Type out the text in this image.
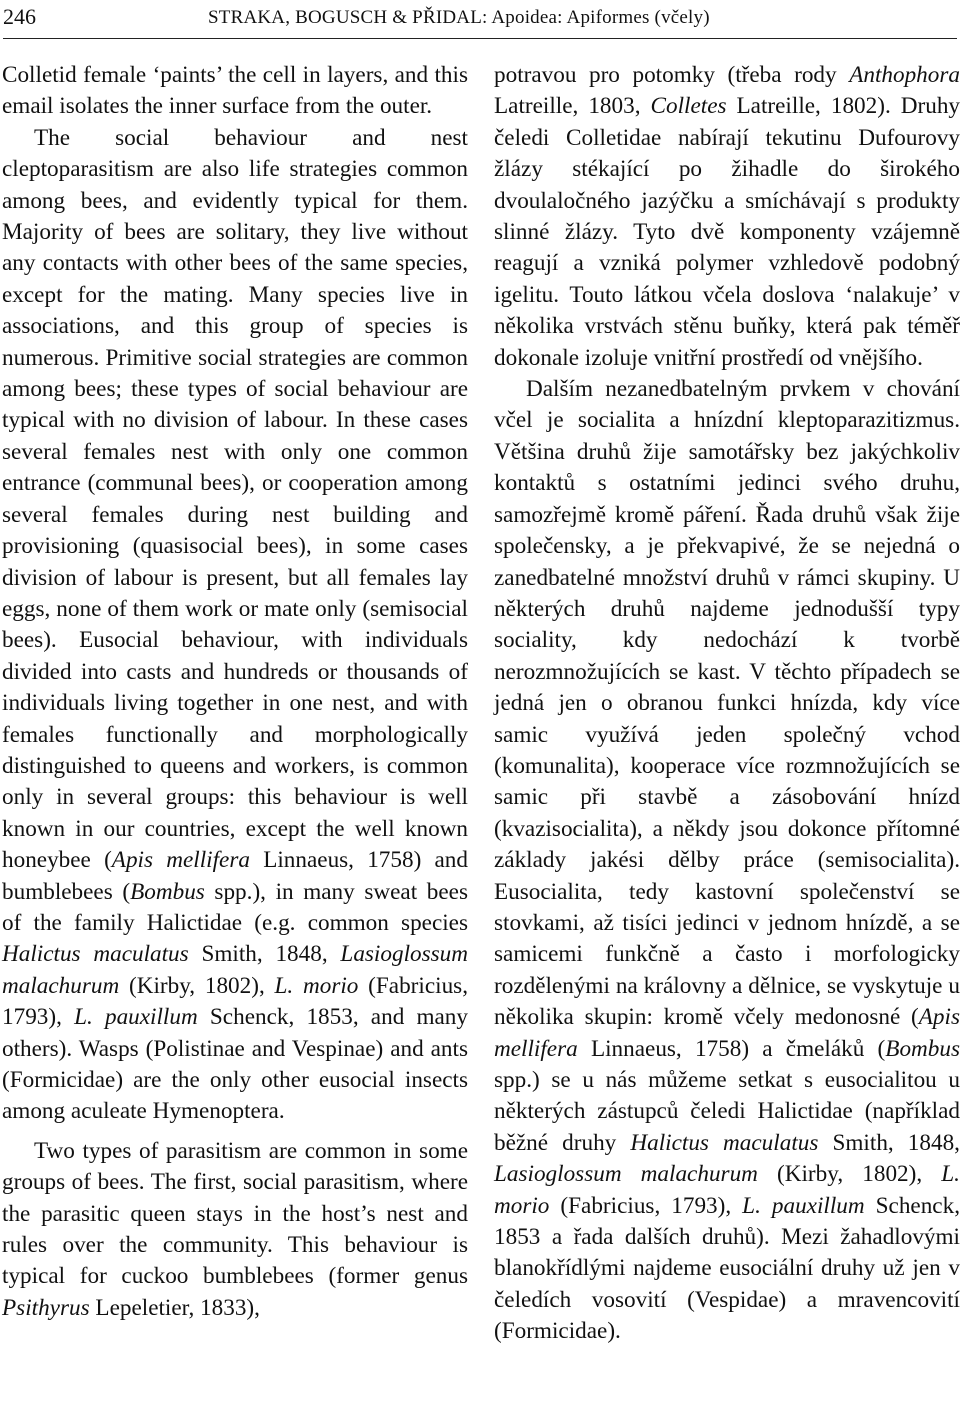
246	STRAKA, BOGUSCH & PŘIDAL: Apoidea: Apiformes (včely)

Colletid female ‘paints’ the cell in layers, and this email isolates the inner surface from the outer.

The social behaviour and nest cleptoparasitism are also life strategies common among bees, and evidently typical for them. Majority of bees are solitary, they live without any contacts with other bees of the same species, except for the mating. Many species live in associations, and this group of species is numerous. Primitive social strategies are common among bees; these types of social behaviour are typical with no division of labour. In these cases several females nest with only one common entrance (communal bees), or cooperation among several females during nest building and provisioning (quasisocial bees), in some cases division of labour is present, but all females lay eggs, none of them work or mate only (semisocial bees). Eusocial behaviour, with individuals divided into casts and hundreds or thousands of individuals living together in one nest, and with females functionally and morphologically distinguished to queens and workers, is common only in several groups: this behaviour is well known in our countries, except the well known honeybee (Apis mellifera Linnaeus, 1758) and bumblebees (Bombus spp.), in many sweat bees of the family Halictidae (e.g. common species Halictus maculatus Smith, 1848, Lasioglossum malachurum (Kirby, 1802), L. morio (Fabricius, 1793), L. pauxillum Schenck, 1853, and many others). Wasps (Polistinae and Vespinae) and ants (Formicidae) are the only other eusocial insects among aculeate Hymenoptera.

Two types of parasitism are common in some groups of bees. The first, social parasitism, where the parasitic queen stays in the host’s nest and rules over the community. This behaviour is typical for cuckoo bumblebees (former genus Psithyrus Lepeletier, 1833),

potravou pro potomky (třeba rody Anthophora Latreille, 1803, Colletes Latreille, 1802). Druhy čeledi Colletidae nabírají tekutinu Dufourovy žlázy stékající po žihadle do širokého dvoulaločného jazýčku a smíchávají s produkty slinné žlázy. Tyto dvě komponenty vzájemně reagují a vzniká polymer vzhledově podobný igelitu. Touto látkou včela doslova ‘nalakuje’ v několika vrstvách stěnu buňky, která pak téměř dokonale izoluje vnitřní prostředí od vnějšího.

Dalším nezanedbatelným prvkem v chování včel je socialita a hnízdní kleptoparazitizmus. Většina druhů žije samotářsky bez jakýchkoliv kontaktů s ostatními jedinci svého druhu, samozřejmě kromě páření. Řada druhů však žije společensky, a je překvapivé, že se nejedná o zanedbatelné množství druhů v rámci skupiny. U některých druhů najdeme jednodušší typy sociality, kdy nedochází k tvorbě nerozmnožujících se kast. V těchto případech se jedná jen o obranou funkci hnízda, kdy více samic využívá jeden společný vchod (komunalita), kooperace více rozmnožujících se samic při stavbě a zásobování hnízd (kvazisocialita), a někdy jsou dokonce přítomné základy jakési dělby práce (semisocialita). Eusocialita, tedy kastovní společenství se stovkami, až tisíci jedinci v jednom hnízdě, a se samicemi funkčně a často i morfologicky rozdělenými na královny a dělnice, se vyskytuje u několika skupin: kromě včely medonosné (Apis mellifera Linnaeus, 1758) a čmeláků (Bombus spp.) se u nás můžeme setkat s eusocialitou u některých zástupců čeledi Halictidae (například běžné druhy Halictus maculatus Smith, 1848, Lasioglossum malachurum (Kirby, 1802), L. morio (Fabricius, 1793), L. pauxillum Schenck, 1853 a řada dalších druhů). Mezi žahadlovými blanokřídlými najdeme eusociální druhy už jen v čeledích vosovití (Vespidae) a mravencovití (Formicidae).
